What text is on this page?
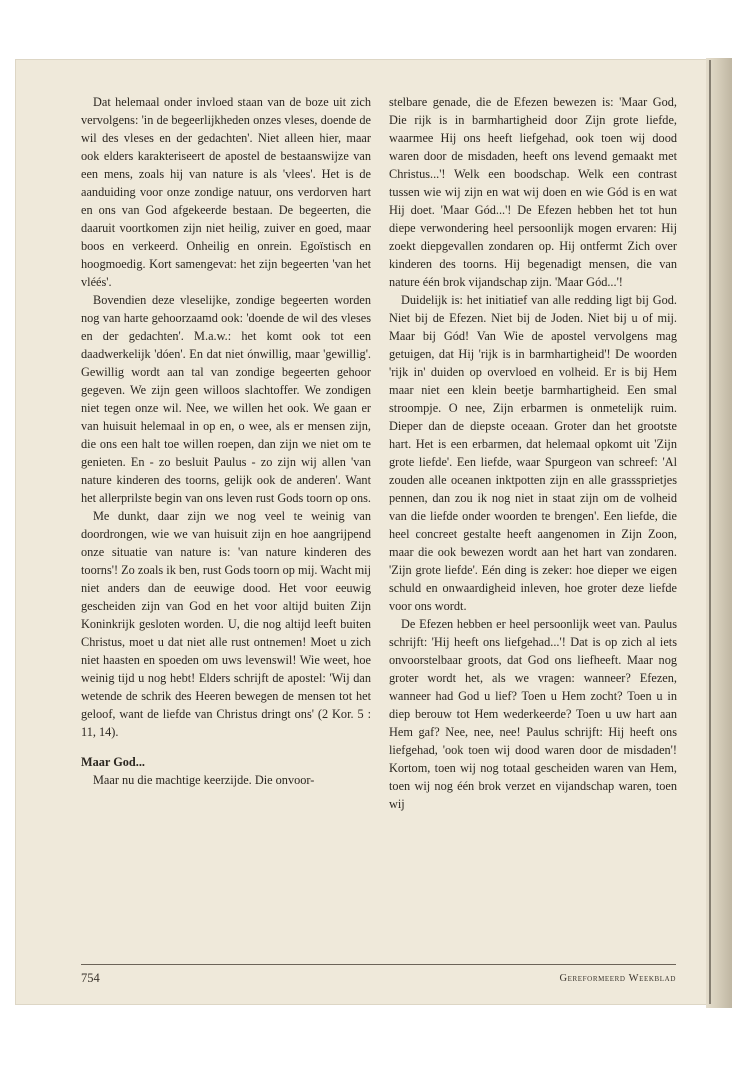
Dat helemaal onder invloed staan van de boze uit zich vervolgens: 'in de begeerlijkheden onzes vleses, doende de wil des vleses en der gedachten'. Niet alleen hier, maar ook elders karakteriseert de apostel de bestaanswijze van een mens, zoals hij van nature is als 'vlees'. Het is de aanduiding voor onze zondige natuur, ons verdorven hart en ons van God afgekeerde bestaan. De begeerten, die daaruit voortkomen zijn niet heilig, zuiver en goed, maar boos en verkeerd. Onheilig en onrein. Egoïstisch en hoogmoedig. Kort samengevat: het zijn begeerten 'van het vléés'.

Bovendien deze vleselijke, zondige begeerten worden nog van harte gehoorzaamd ook: 'doende de wil des vleses en der gedachten'. M.a.w.: het komt ook tot een daadwerkelijk 'dóen'. En dat niet ónwillig, maar 'gewillig'. Gewillig wordt aan tal van zondige begeerten gehoor gegeven. We zijn geen willoos slachtoffer. We zondigen niet tegen onze wil. Nee, we willen het ook. We gaan er van huisuit helemaal in op en, o wee, als er mensen zijn, die ons een halt toe willen roepen, dan zijn we niet om te genieten. En - zo besluit Paulus - zo zijn wij allen 'van nature kinderen des toorns, gelijk ook de anderen'. Want het allerprilste begin van ons leven rust Gods toorn op ons.

Me dunkt, daar zijn we nog veel te weinig van doordrongen, wie we van huisuit zijn en hoe aangrijpend onze situatie van nature is: 'van nature kinderen des toorns'! Zo zoals ik ben, rust Gods toorn op mij. Wacht mij niet anders dan de eeuwige dood. Het voor eeuwig gescheiden zijn van God en het voor altijd buiten Zijn Koninkrijk gesloten worden. U, die nog altijd leeft buiten Christus, moet u dat niet alle rust ontnemen! Moet u zich niet haasten en spoeden om uws levenswil! Wie weet, hoe weinig tijd u nog hebt! Elders schrijft de apostel: 'Wij dan wetende de schrik des Heeren bewegen de mensen tot het geloof, want de liefde van Christus dringt ons' (2 Kor. 5 : 11, 14).

Maar God...

Maar nu die machtige keerzijde. Die onvoor-

stelbare genade, die de Efezen bewezen is: 'Maar God, Die rijk is in barmhartigheid door Zijn grote liefde, waarmee Hij ons heeft liefgehad, ook toen wij dood waren door de misdaden, heeft ons levend gemaakt met Christus...'! Welk een boodschap. Welk een contrast tussen wie wij zijn en wat wij doen en wie Gód is en wat Hij doet. 'Maar Gód...'! De Efezen hebben het tot hun diepe verwondering heel persoonlijk mogen ervaren: Hij zoekt diepgevallen zondaren op. Hij ontfermt Zich over kinderen des toorns. Hij begenadigt mensen, die van nature één brok vijandschap zijn. 'Maar Gód...'!

Duidelijk is: het initiatief van alle redding ligt bij God. Niet bij de Efezen. Niet bij de Joden. Niet bij u of mij. Maar bij Gód! Van Wie de apostel vervolgens mag getuigen, dat Hij 'rijk is in barmhartigheid'! De woorden 'rijk in' duiden op overvloed en volheid. Er is bij Hem maar niet een klein beetje barmhartigheid. Een smal stroompje. O nee, Zijn erbarmen is onmetelijk ruim. Dieper dan de diepste oceaan. Groter dan het grootste hart. Het is een erbarmen, dat helemaal opkomt uit 'Zijn grote liefde'. Een liefde, waar Spurgeon van schreef: 'Al zouden alle oceanen inktpotten zijn en alle grasssprietjes pennen, dan zou ik nog niet in staat zijn om de volheid van die liefde onder woorden te brengen'. Een liefde, die heel concreet gestalte heeft aangenomen in Zijn Zoon, maar die ook bewezen wordt aan het hart van zondaren. 'Zijn grote liefde'. Eén ding is zeker: hoe dieper we eigen schuld en onwaardigheid inleven, hoe groter deze liefde voor ons wordt.

De Efezen hebben er heel persoonlijk weet van. Paulus schrijft: 'Hij heeft ons liefgehad...'! Dat is op zich al iets onvoorstelbaar groots, dat God ons liefheeft. Maar nog groter wordt het, als we vragen: wanneer? Efezen, wanneer had God u lief? Toen u Hem zocht? Toen u in diep berouw tot Hem wederkeerde? Toen u uw hart aan Hem gaf? Nee, nee, nee! Paulus schrijft: Hij heeft ons liefgehad, 'ook toen wij dood waren door de misdaden'! Kortom, toen wij nog totaal gescheiden waren van Hem, toen wij nog één brok verzet en vijandschap waren, toen wij

754	Gereformeerd Weekblad
